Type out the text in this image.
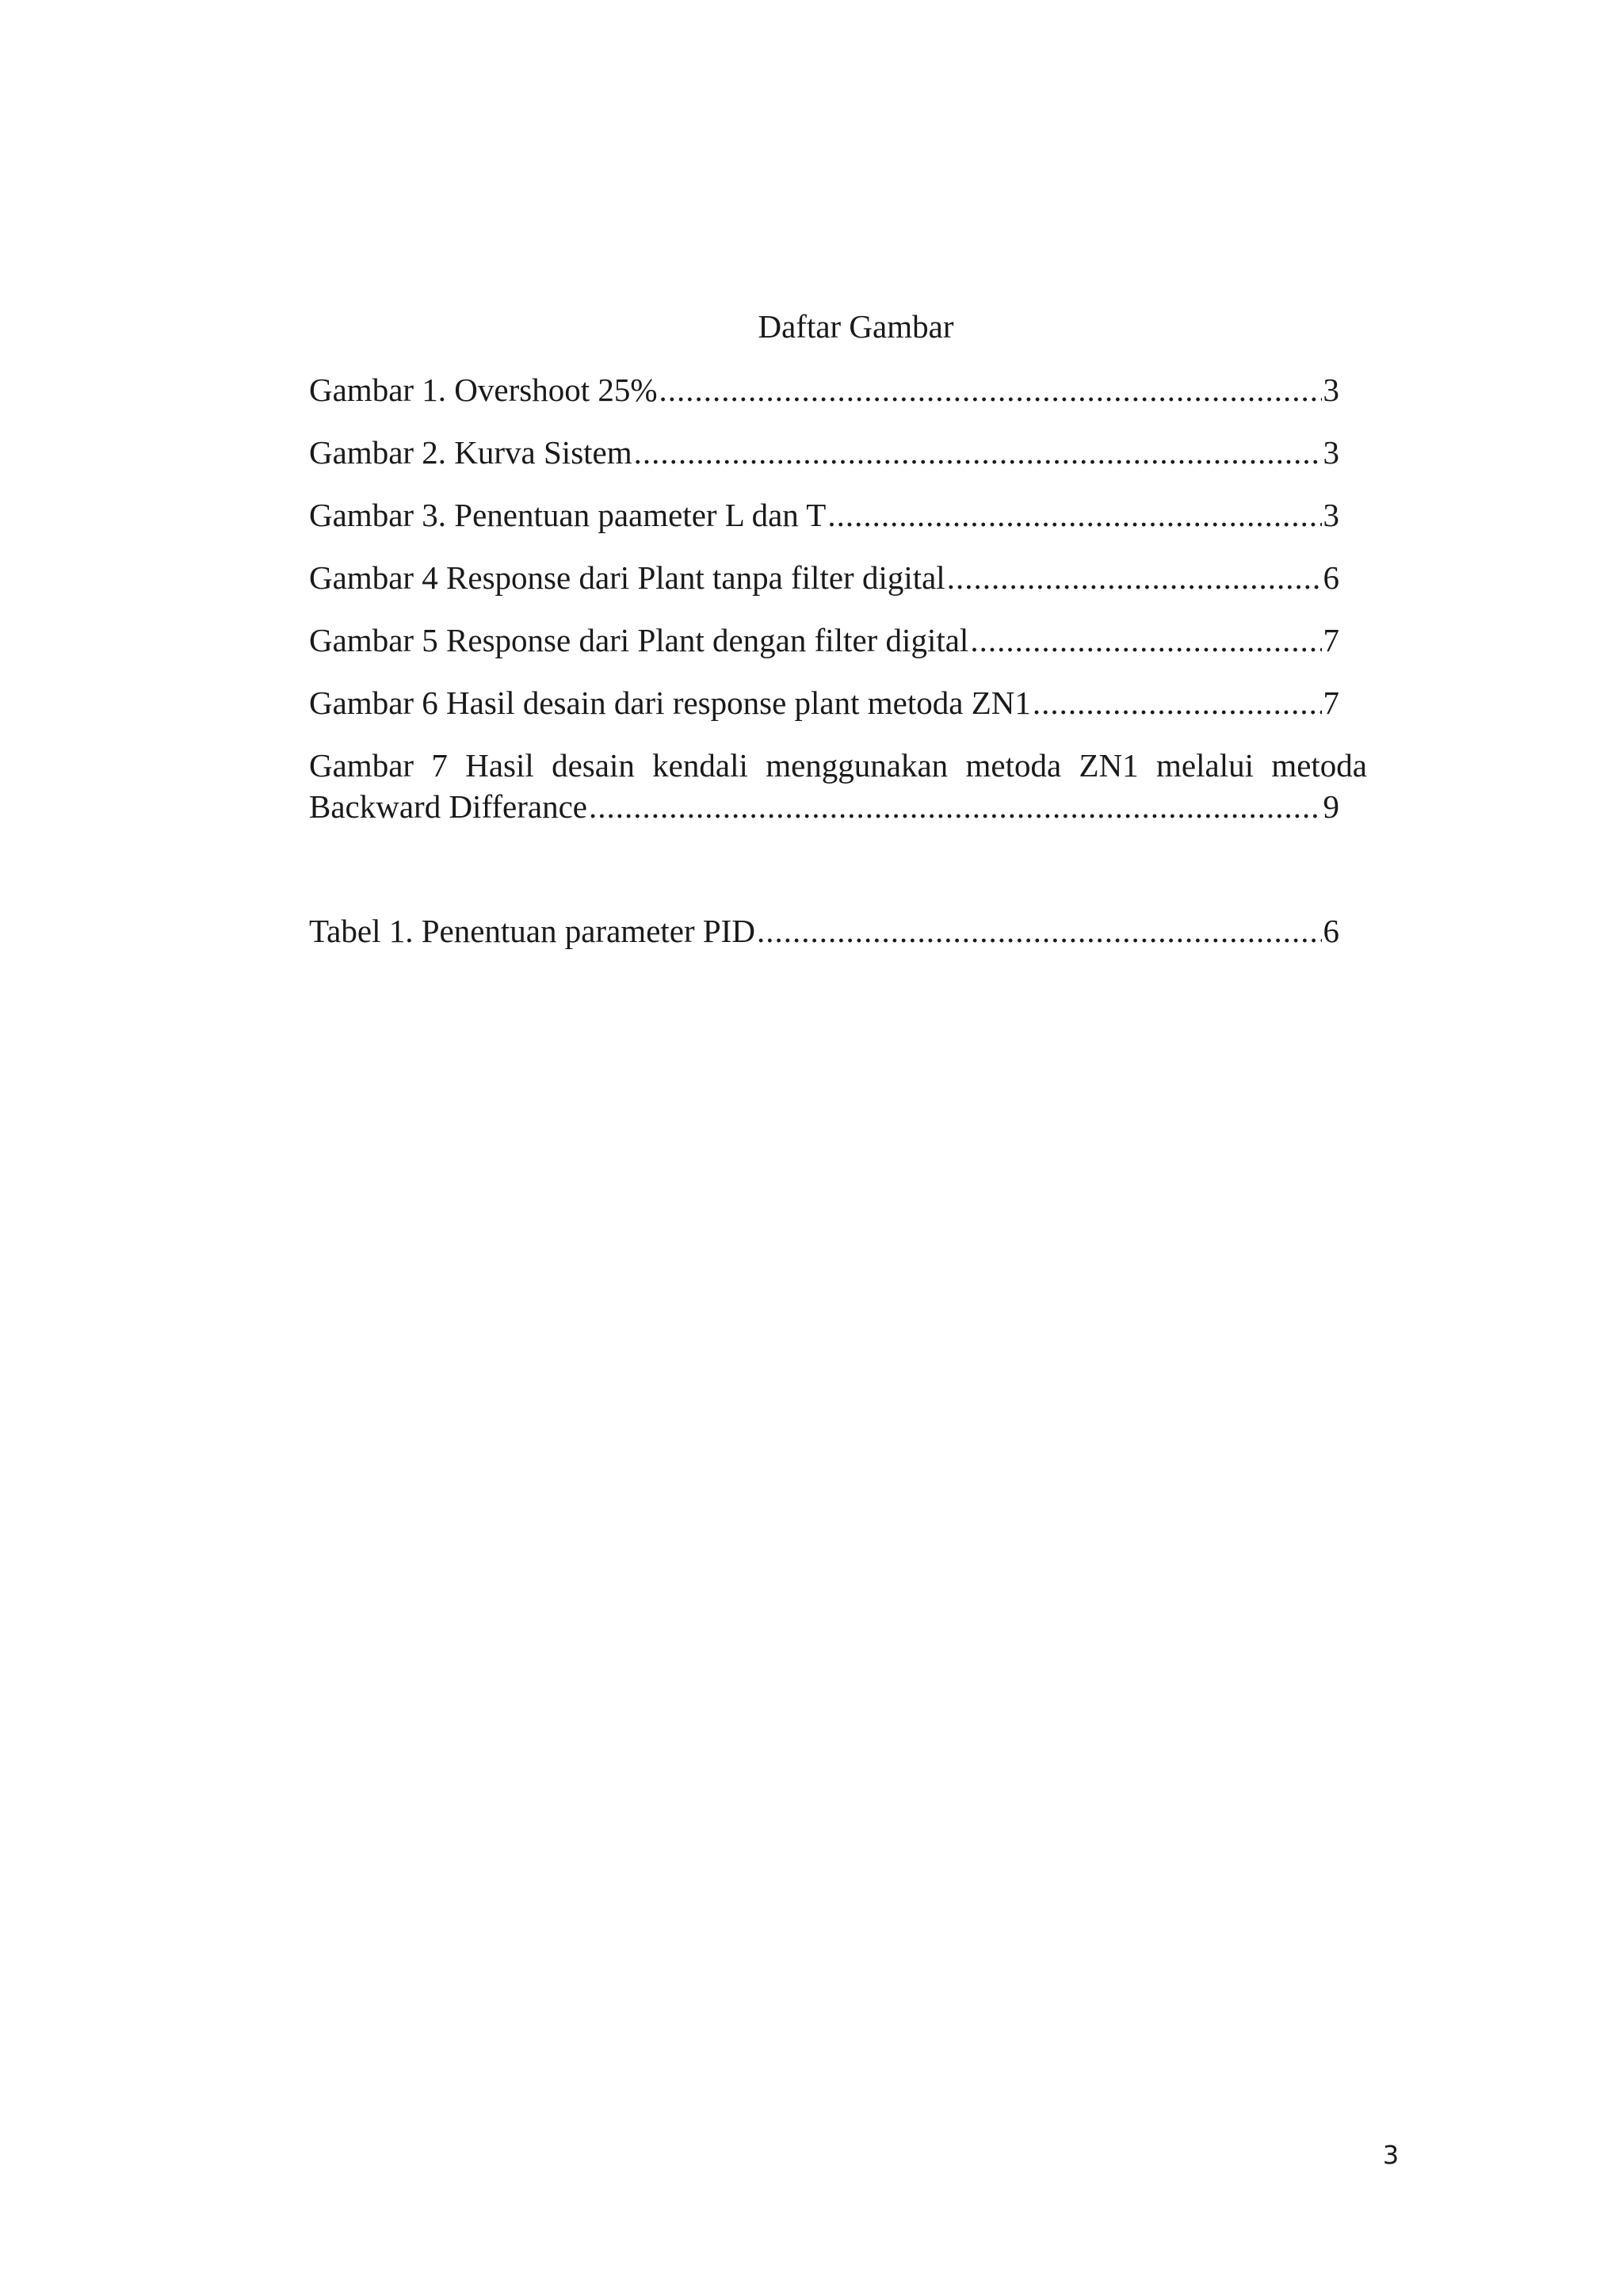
Daftar Gambar
Gambar 1. Overshoot 25% .....	3
Gambar 2. Kurva Sistem .....	3
Gambar 3. Penentuan paameter L dan T .....	3
Gambar 4 Response dari Plant tanpa filter digital .....	6
Gambar 5 Response dari Plant dengan filter digital .....	7
Gambar 6 Hasil desain dari response plant metoda ZN1 .....	7
Gambar 7 Hasil desain kendali menggunakan metoda ZN1 melalui metoda
Backward Differance .....	9
Tabel 1. Penentuan parameter PID .....	6
3
